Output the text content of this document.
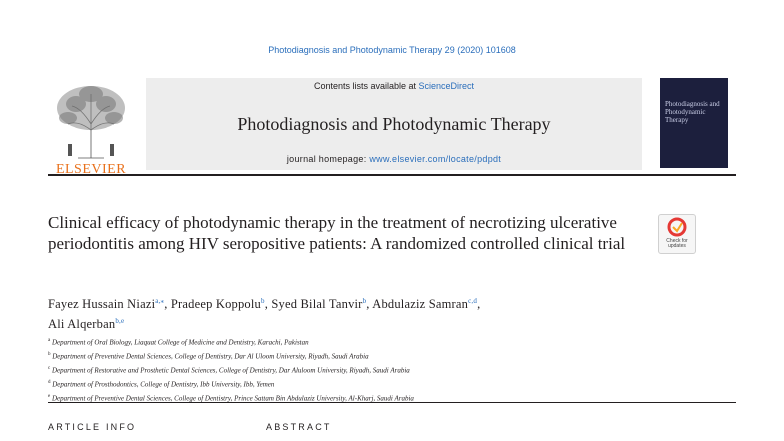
Photodiagnosis and Photodynamic Therapy 29 (2020) 101608
ELSEVIER
Contents lists available at ScienceDirect
Photodiagnosis and Photodynamic Therapy
journal homepage: www.elsevier.com/locate/pdpdt
Photodiagnosis and Photodynamic Therapy
Clinical efficacy of photodynamic therapy in the treatment of necrotizing ulcerative periodontitis among HIV seropositive patients: A randomized controlled clinical trial	Check for updates
Fayez Hussain Niazi$^{a,⁎}$, Pradeep Koppolu$^b$, Syed Bilal Tanvir$^b$, Abdulaziz Samran$^{c,d}$,
Ali Alqerban$^{b,e}$
$^a$ Department of Oral Biology, Liaquat College of Medicine and Dentistry, Karachi, Pakistan
$^b$ Department of Preventive Dental Sciences, College of Dentistry, Dar Al Uloom University, Riyadh, Saudi Arabia
$^c$ Department of Restorative and Prosthetic Dental Sciences, College of Dentistry, Dar Aluloom University, Riyadh, Saudi Arabia
$^d$ Department of Prosthodontics, College of Dentistry, Ibb University, Ibb, Yemen
$^e$ Department of Preventive Dental Sciences, College of Dentistry, Prince Sattam Bin Abdulaziz University, Al-Kharj, Saudi Arabia
ARTICLE INFO	ABSTRACT
